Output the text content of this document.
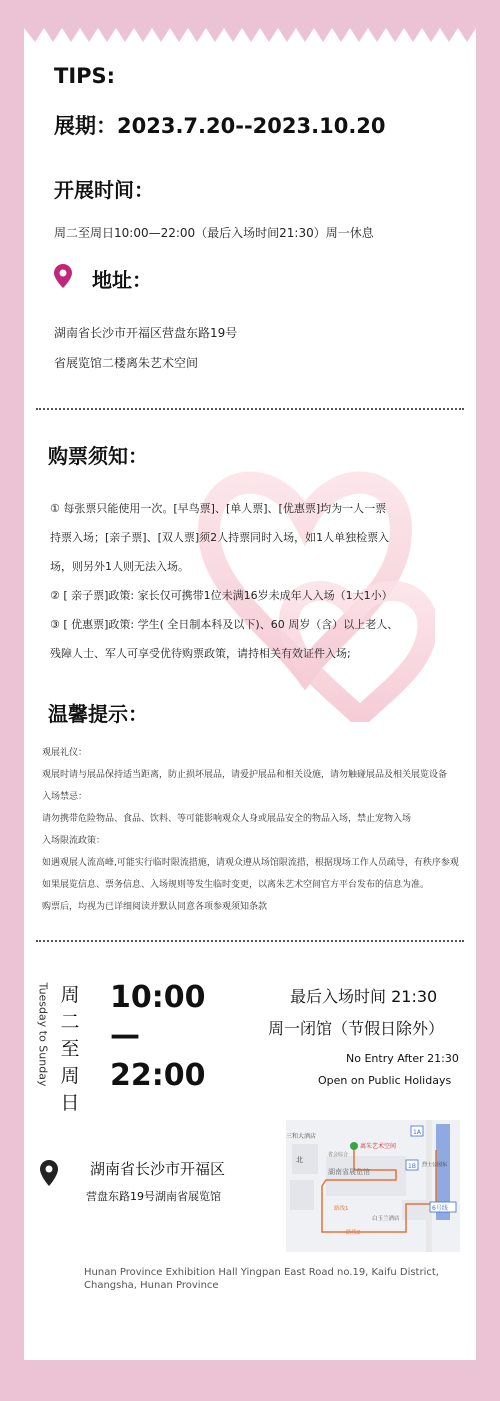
TIPS:

展期：2023.7.20--2023.10.20

开展时间：

周二至周日10:00—22:00（最后入场时间21:30）周一休息

地址：

湖南省长沙市开福区营盘东路19号

省展览馆二楼离朱艺术空间

购票须知：

① 每张票只能使用一次。[早鸟票]、[单人票]、[优惠票]均为一人一票
持票入场；[亲子票]、[双人票]须2人持票同时入场，如1人单独检票入
场，则另外1人则无法入场。
② [ 亲子票]政策: 家长仅可携带1位未满16岁未成年人入场（1大1小）
③ [ 优惠票]政策: 学生( 全日制本科及以下)、60 周岁（含）以上老人、
残障人士、军人可享受优待购票政策，请持相关有效证件入场;

温馨提示：

观展礼仪：
观展时请与展品保持适当距离，防止损坏展品，请爱护展品和相关设施，请勿触碰展品及相关展览设备
入场禁忌：
请勿携带危险物品、食品、饮料、等可能影响观众人身或展品安全的物品入场，禁止宠物入场
入场限流政策：
如遇观展人流高峰,可能实行临时限流措施，请观众遵从场馆限流措，根据现场工作人员疏导，有秩序参观
如果展览信息、票务信息、入场规则等发生临时变更，以离朱艺术空间官方平台发布的信息为准。
购票后，均视为已详细阅读并默认同意各项参观须知条款
Tuesday to Sunday 周
二
至
周
日

10:00

—

22:00

最后入场时间 21:30

周一闭馆（节假日除外）

No Entry After 21:30

Open on Public Holidays

湖南省长沙市开福区

营盘东路19号湖南省展览馆

三和大酒店
离朱艺术空间
省会综合
湖南省展览馆
北
路线1
路线2
白玉兰酒店
1A
1B 烈士公园东
6号线

Hunan Province Exhibition Hall Yingpan East Road no.19, Kaifu District, Changsha, Hunan Province
